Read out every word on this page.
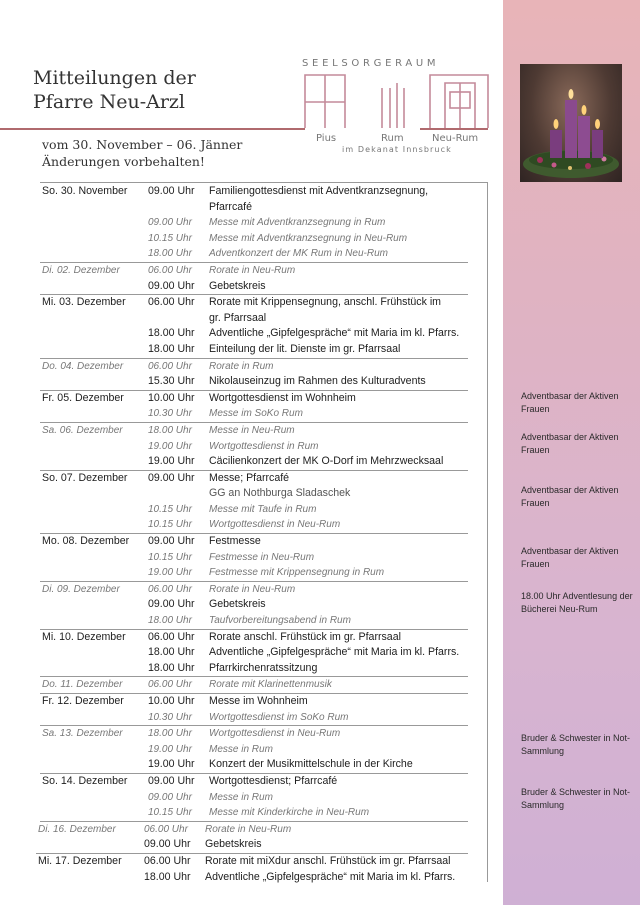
Mitteilungen der
Pfarre Neu-Arzl
SEELSORGERAUM
Pius	Rum	Neu-Rum
im Dekanat Innsbruck
vom 30. November – 06. Jänner
Änderungen vorbehalten!
So. 30. November	09.00 Uhr	Familiengottesdienst mit Adventkranzsegnung,
Pfarrcafé
09.00 Uhr	Messe mit Adventkranzsegnung in Rum
10.15 Uhr	Messe mit Adventkranzsegnung in Neu-Rum
18.00 Uhr	Adventkonzert der MK Rum in Neu-Rum
Di. 02. Dezember	06.00 Uhr	Rorate in Neu-Rum
09.00 Uhr	Gebetskreis
Mi. 03. Dezember	06.00 Uhr	Rorate mit Krippensegnung, anschl. Frühstück im
gr. Pfarrsaal
18.00 Uhr	Adventliche „Gipfelgespräche“ mit Maria im kl. Pfarrs.
18.00 Uhr	Einteilung der lit. Dienste im gr. Pfarrsaal
Do. 04. Dezember	06.00 Uhr	Rorate in Rum
15.30 Uhr	Nikolauseinzug im Rahmen des Kulturadvents
Fr. 05. Dezember	10.00 Uhr	Wortgottesdienst im Wohnheim
10.30 Uhr	Messe im SoKo Rum
Sa. 06. Dezember	18.00 Uhr	Messe in Neu-Rum
19.00 Uhr	Wortgottesdienst in Rum
19.00 Uhr	Cäcilienkonzert der MK O-Dorf im Mehrzwecksaal
So. 07. Dezember	09.00 Uhr	Messe; Pfarrcafé
GG an Nothburga Sladaschek
10.15 Uhr	Messe mit Taufe in Rum
10.15 Uhr	Wortgottesdienst in Neu-Rum
Mo. 08. Dezember	09.00 Uhr	Festmesse
10.15 Uhr	Festmesse in Neu-Rum
19.00 Uhr	Festmesse mit Krippensegnung in Rum
Di. 09. Dezember	06.00 Uhr	Rorate in Neu-Rum
09.00 Uhr	Gebetskreis
18.00 Uhr	Taufvorbereitungsabend in Rum
Mi. 10. Dezember	06.00 Uhr	Rorate anschl. Frühstück im gr. Pfarrsaal
18.00 Uhr	Adventliche „Gipfelgespräche“ mit Maria im kl. Pfarrs.
18.00 Uhr	Pfarrkirchenratssitzung
Do. 11. Dezember	06.00 Uhr	Rorate mit Klarinettenmusik
Fr. 12. Dezember	10.00 Uhr	Messe im Wohnheim
10.30 Uhr	Wortgottesdienst im SoKo Rum
Sa. 13. Dezember	18.00 Uhr	Wortgottesdienst in Neu-Rum
19.00 Uhr	Messe in Rum
19.00 Uhr	Konzert der Musikmittelschule in der Kirche
So. 14. Dezember	09.00 Uhr	Wortgottesdienst; Pfarrcafé
09.00 Uhr	Messe in Rum
10.15 Uhr	Messe mit Kinderkirche in Neu-Rum
Di. 16. Dezember	06.00 Uhr	Rorate in Neu-Rum
09.00 Uhr	Gebetskreis
Mi. 17. Dezember	06.00 Uhr	Rorate mit miXdur anschl. Frühstück im gr. Pfarrsaal
18.00 Uhr	Adventliche „Gipfelgespräche“ mit Maria im kl. Pfarrs.
Adventbasar der Aktiven Frauen
Adventbasar der Aktiven Frauen
Adventbasar der Aktiven Frauen
Adventbasar der Aktiven Frauen
18.00 Uhr Adventlesung der Bücherei Neu-Rum
Bruder & Schwester in Not-Sammlung
Bruder & Schwester in Not-Sammlung
